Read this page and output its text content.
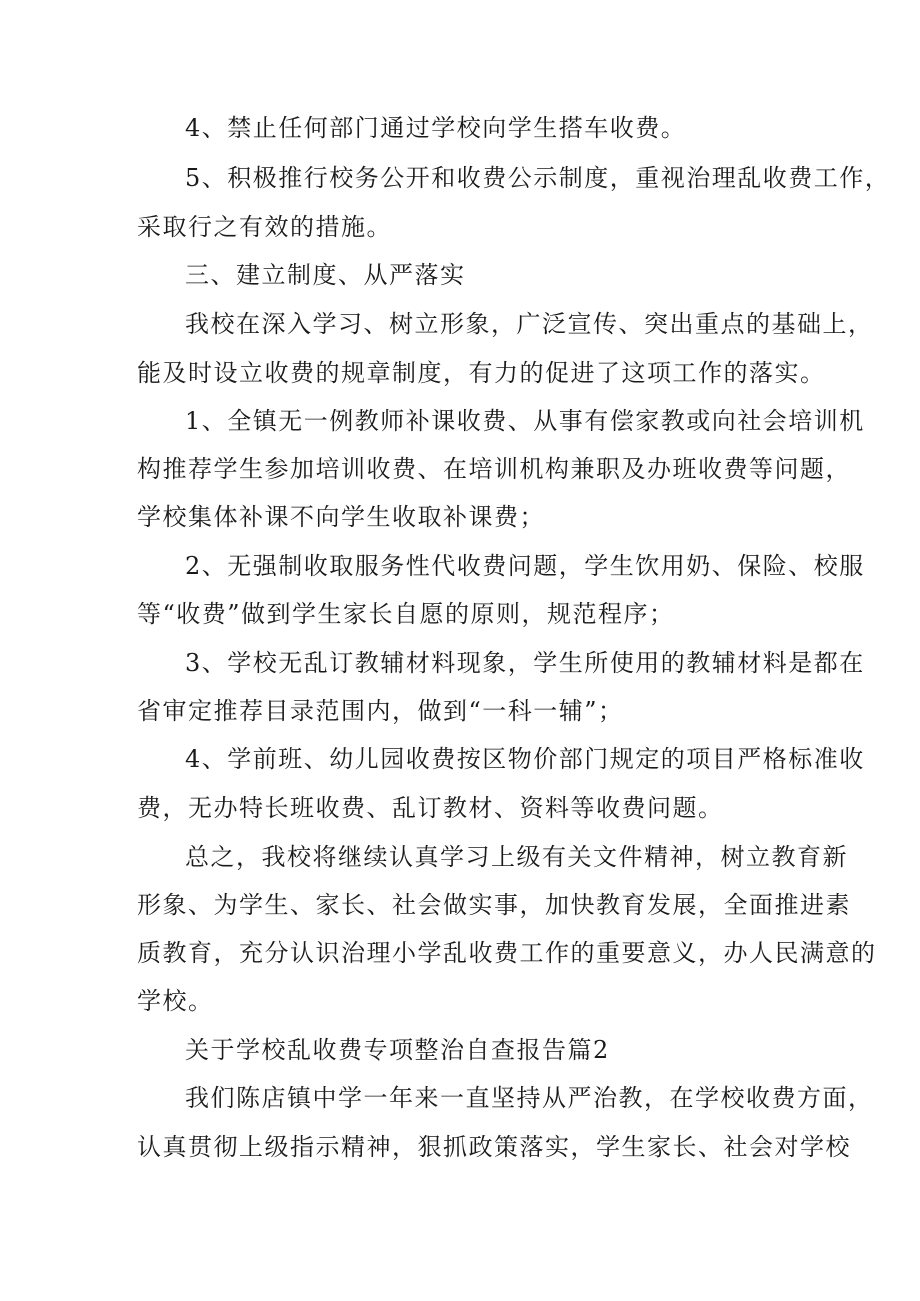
4、禁止任何部门通过学校向学生搭车收费。
5、积极推行校务公开和收费公示制度，重视治理乱收费工作，
采取行之有效的措施。
三、建立制度、从严落实
我校在深入学习、树立形象，广泛宣传、突出重点的基础上，
能及时设立收费的规章制度，有力的促进了这项工作的落实。
1、全镇无一例教师补课收费、从事有偿家教或向社会培训机
构推荐学生参加培训收费、在培训机构兼职及办班收费等问题，
学校集体补课不向学生收取补课费；
2、无强制收取服务性代收费问题，学生饮用奶、保险、校服
等“收费”做到学生家长自愿的原则，规范程序；
3、学校无乱订教辅材料现象，学生所使用的教辅材料是都在
省审定推荐目录范围内，做到“一科一辅”；
4、学前班、幼儿园收费按区物价部门规定的项目严格标准收
费，无办特长班收费、乱订教材、资料等收费问题。
总之，我校将继续认真学习上级有关文件精神，树立教育新
形象、为学生、家长、社会做实事，加快教育发展，全面推进素
质教育，充分认识治理小学乱收费工作的重要意义，办人民满意的
学校。
关于学校乱收费专项整治自查报告篇2
我们陈店镇中学一年来一直坚持从严治教，在学校收费方面，
认真贯彻上级指示精神，狠抓政策落实，学生家长、社会对学校
